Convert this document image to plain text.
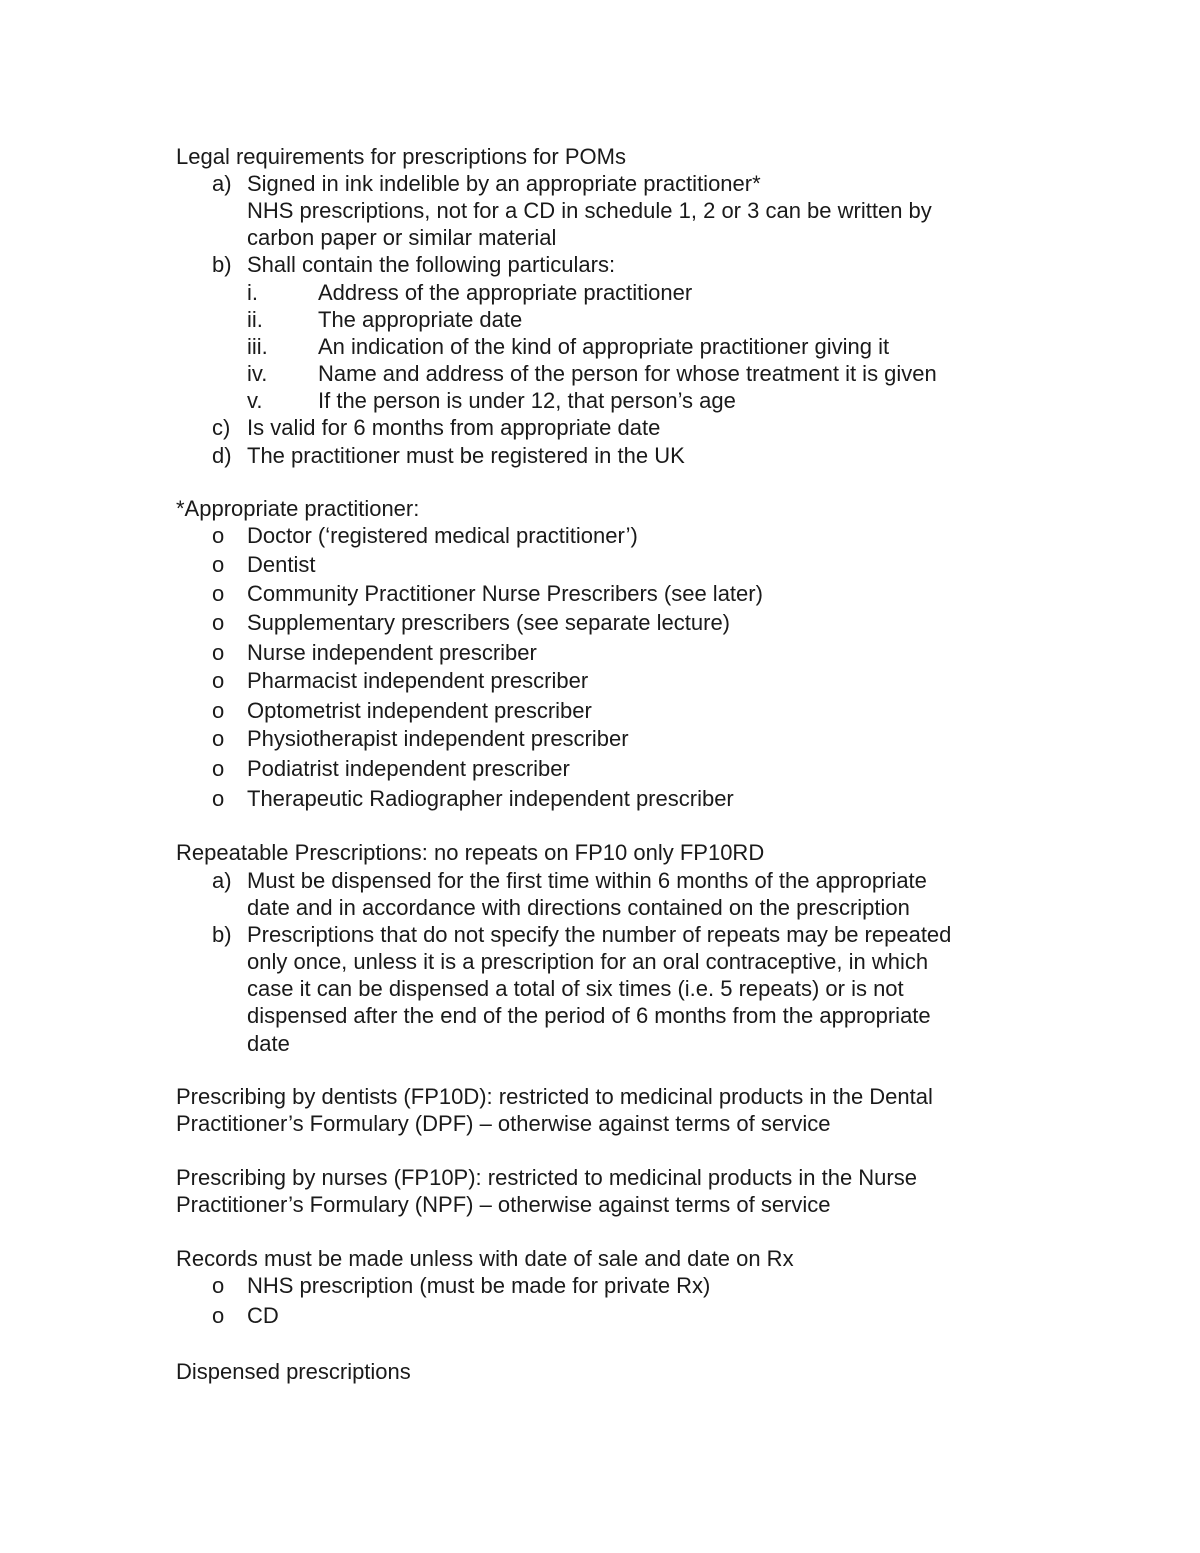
Legal requirements for prescriptions for POMs
a) Signed in ink indelible by an appropriate practitioner*
NHS prescriptions, not for a CD in schedule 1, 2 or 3 can be written by
carbon paper or similar material
b) Shall contain the following particulars:
i.	Address of the appropriate practitioner
ii.	The appropriate date
iii. An indication of the kind of appropriate practitioner giving it
iv. Name and address of the person for whose treatment it is given
v.	If the person is under 12, that person’s age
c) Is valid for 6 months from appropriate date
d) The practitioner must be registered in the UK
*Appropriate practitioner:
o Doctor (‘registered medical practitioner’)
o Dentist
o Community Practitioner Nurse Prescribers (see later)
o Supplementary prescribers (see separate lecture)
o Nurse independent prescriber
o Pharmacist independent prescriber
o Optometrist independent prescriber
o Physiotherapist independent prescriber
o Podiatrist independent prescriber
o Therapeutic Radiographer independent prescriber
Repeatable Prescriptions: no repeats on FP10 only FP10RD
a) Must be dispensed for the first time within 6 months of the appropriate
date and in accordance with directions contained on the prescription
b) Prescriptions that do not specify the number of repeats may be repeated
only once, unless it is a prescription for an oral contraceptive, in which
case it can be dispensed a total of six times (i.e. 5 repeats) or is not
dispensed after the end of the period of 6 months from the appropriate
date
Prescribing by dentists (FP10D): restricted to medicinal products in the Dental
Practitioner’s Formulary (DPF) – otherwise against terms of service
Prescribing by nurses (FP10P): restricted to medicinal products in the Nurse
Practitioner’s Formulary (NPF) – otherwise against terms of service
Records must be made unless with date of sale and date on Rx
o NHS prescription (must be made for private Rx)
o CD
Dispensed prescriptions
